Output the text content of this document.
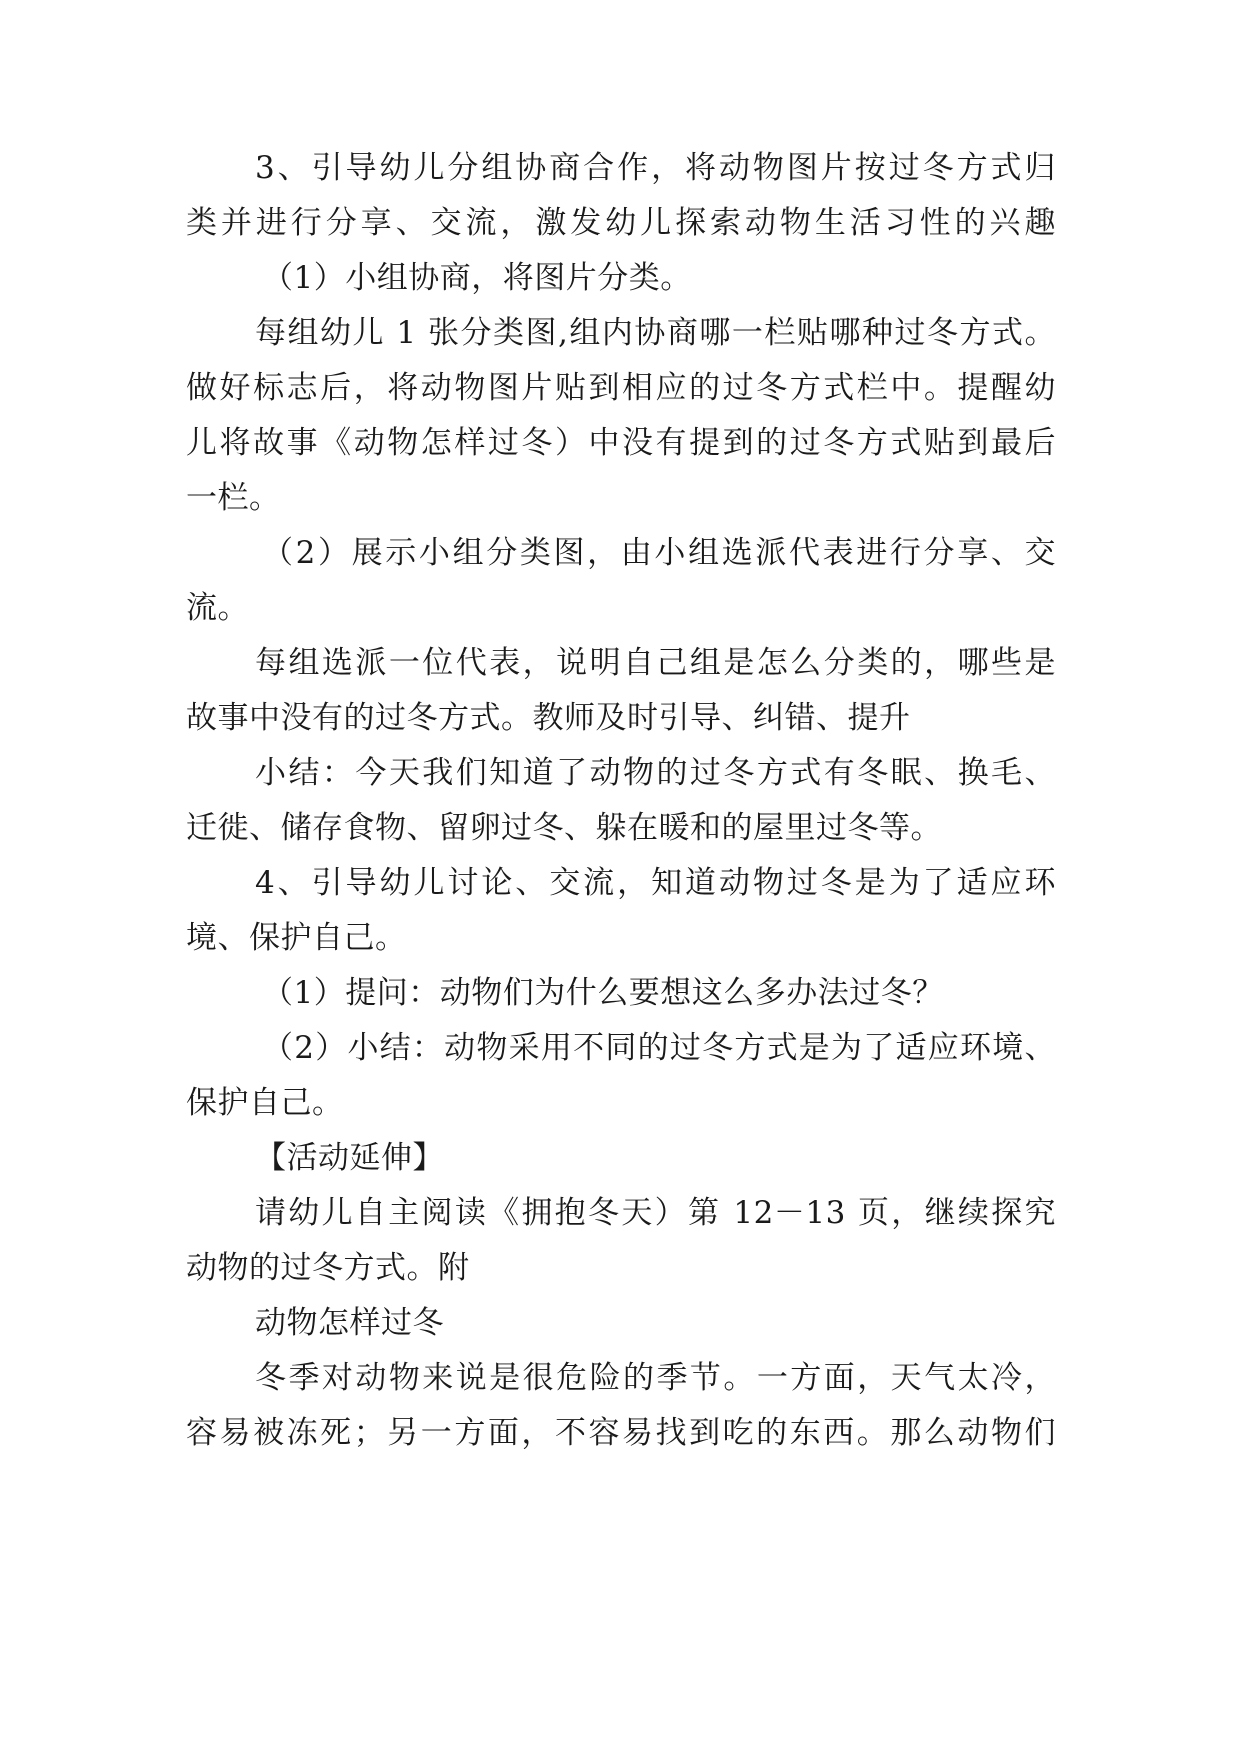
3、引导幼儿分组协商合作，将动物图片按过冬方式归
类并进行分享、交流，激发幼儿探索动物生活习性的兴趣
（1）小组协商，将图片分类。
每组幼儿 1 张分类图,组内协商哪一栏贴哪种过冬方式。
做好标志后，将动物图片贴到相应的过冬方式栏中。提醒幼
儿将故事《动物怎样过冬）中没有提到的过冬方式贴到最后
一栏。
（2）展示小组分类图，由小组选派代表进行分享、交
流。
每组选派一位代表，说明自己组是怎么分类的，哪些是
故事中没有的过冬方式。教师及时引导、纠错、提升
小结：今天我们知道了动物的过冬方式有冬眠、换毛、
迁徙、储存食物、留卵过冬、躲在暖和的屋里过冬等。
4、引导幼儿讨论、交流，知道动物过冬是为了适应环
境、保护自己。
（1）提问：动物们为什么要想这么多办法过冬？
（2）小结：动物采用不同的过冬方式是为了适应环境、
保护自己。
【活动延伸】
请幼儿自主阅读《拥抱冬天）第 12－13 页，继续探究
动物的过冬方式。附
动物怎样过冬
冬季对动物来说是很危险的季节。一方面，天气太冷，
容易被冻死；另一方面，不容易找到吃的东西。那么动物们
